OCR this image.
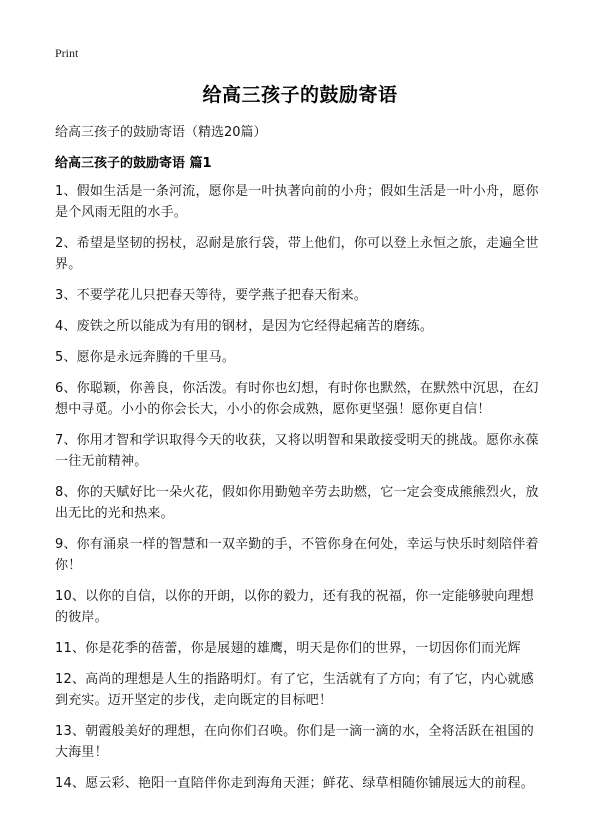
Print
给高三孩子的鼓励寄语
给高三孩子的鼓励寄语（精选20篇）
给高三孩子的鼓励寄语 篇1
1、假如生活是一条河流，愿你是一叶执著向前的小舟；假如生活是一叶小舟，愿你是个风雨无阻的水手。
2、希望是坚韧的拐杖，忍耐是旅行袋，带上他们，你可以登上永恒之旅，走遍全世界。
3、不要学花儿只把春天等待，要学燕子把春天衔来。
4、废铁之所以能成为有用的钢材，是因为它经得起痛苦的磨练。
5、愿你是永远奔腾的千里马。
6、你聪颖，你善良，你活泼。有时你也幻想，有时你也默然，在默然中沉思，在幻想中寻觅。小小的你会长大，小小的你会成熟，愿你更坚强！愿你更自信！
7、你用才智和学识取得今天的收获，又将以明智和果敢接受明天的挑战。愿你永葆一往无前精神。
8、你的天赋好比一朵火花，假如你用勤勉辛劳去助燃，它一定会变成熊熊烈火，放出无比的光和热来。
9、你有涌泉一样的智慧和一双辛勤的手，不管你身在何处，幸运与快乐时刻陪伴着你！
10、以你的自信，以你的开朗，以你的毅力，还有我的祝福，你一定能够驶向理想的彼岸。
11、你是花季的蓓蕾，你是展翅的雄鹰，明天是你们的世界，一切因你们而光辉
12、高尚的理想是人生的指路明灯。有了它，生活就有了方向；有了它，内心就感到充实。迈开坚定的步伐，走向既定的目标吧！
13、朝霞般美好的理想，在向你们召唤。你们是一滴一滴的水，全将活跃在祖国的大海里！
14、愿云彩、艳阳一直陪伴你走到海角天涯；鲜花、绿草相随你铺展远大的前程。
